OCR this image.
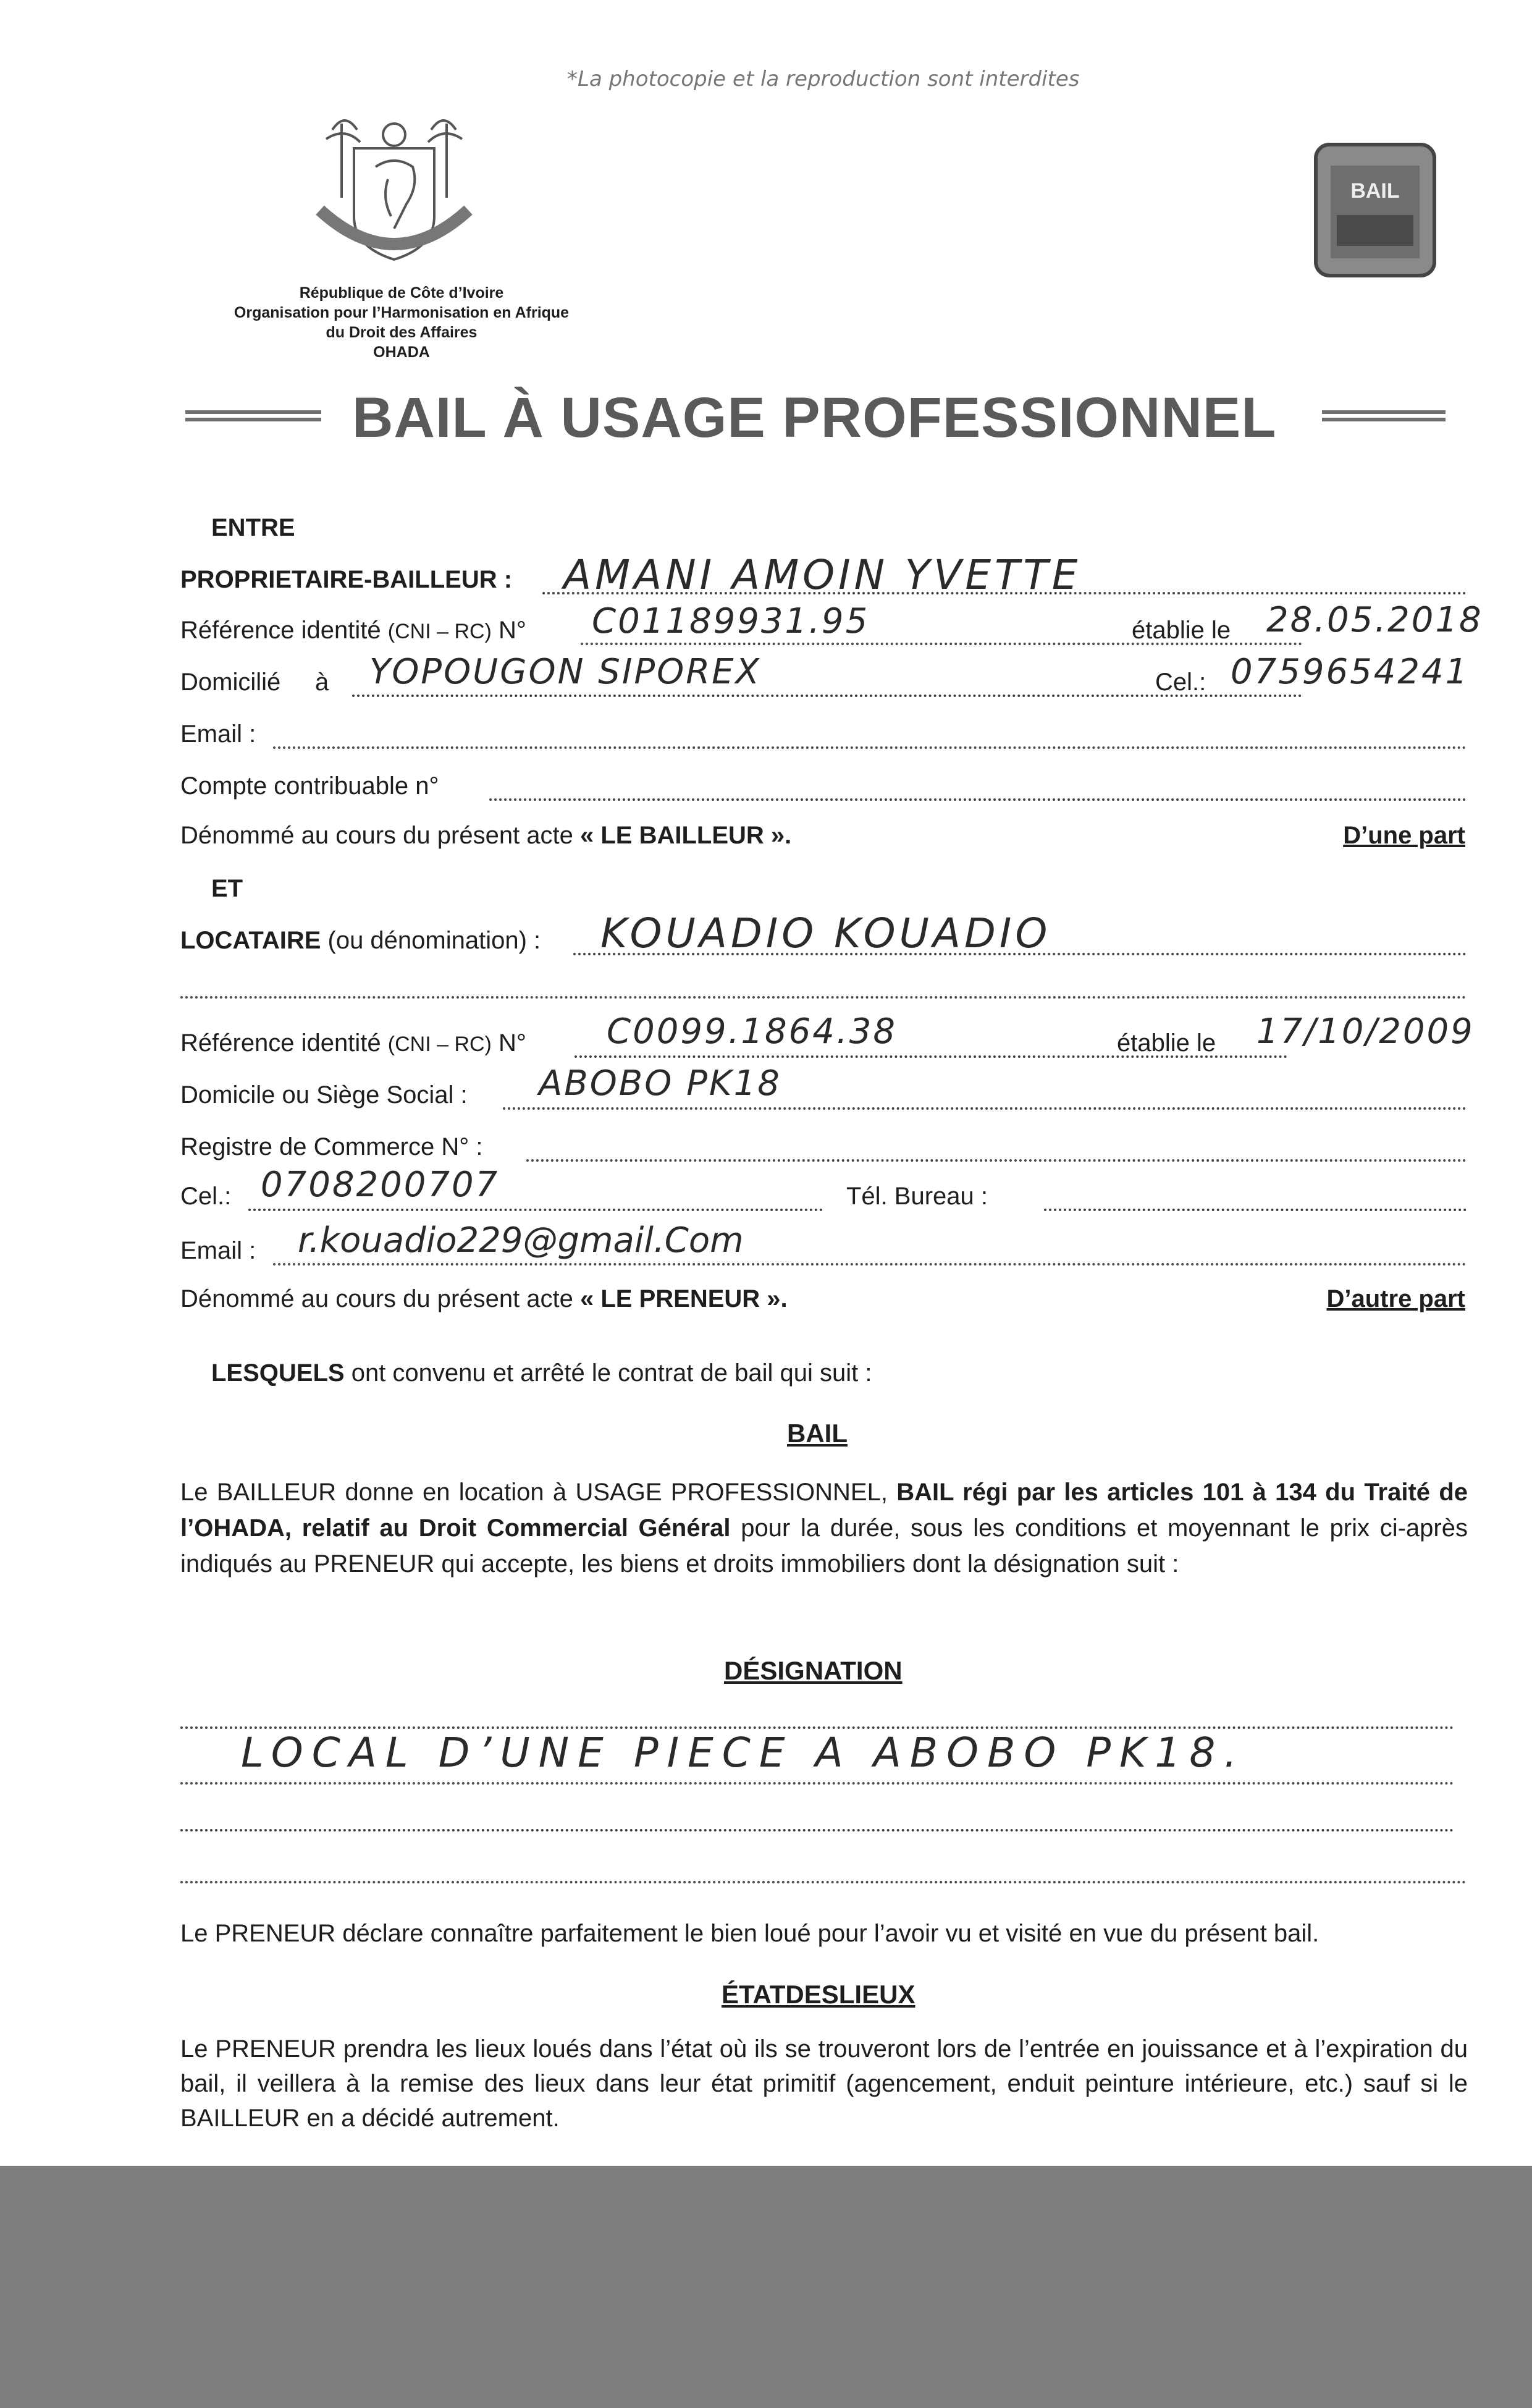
*La photocopie et la reproduction sont interdites
République de Côte d’Ivoire
Organisation pour l’Harmonisation en Afrique
du Droit des Affaires
OHADA
BAIL
BAIL À USAGE PROFESSIONNEL
ENTRE
PROPRIETAIRE-BAILLEUR : AMANI AMOIN YVETTE
Référence identité (CNI – RC) N° C01189931.95	établie le 28.05.2018
Domicilié à YOPOUGON SIPOREX	Cel.: 0759654241
Email :
Compte contribuable n°
Dénommé au cours du présent acte « LE BAILLEUR ».	D’une part
ET
LOCATAIRE (ou dénomination) : KOUADIO KOUADIO
Référence identité (CNI – RC) N° C0099.1864.38	établie le 17/10/2009
Domicile ou Siège Social : ABOBO PK18
Registre de Commerce N° :
Cel.: 0708200707	Tél. Bureau :
Email : r.kouadio229@gmail.Com
Dénommé au cours du présent acte « LE PRENEUR ».	D’autre part
LESQUELS ont convenu et arrêté le contrat de bail qui suit :
BAIL
Le BAILLEUR donne en location à USAGE PROFESSIONNEL, BAIL régi par les articles 101 à 134 du Traité de l’OHADA, relatif au Droit Commercial Général pour la durée, sous les conditions et moyennant le prix ci-après indiqués au PRENEUR qui accepte, les biens et droits immobiliers dont la désignation suit :
DÉSIGNATION
LOCAL D’UNE PIECE A ABOBO PK18.
Le PRENEUR déclare connaître parfaitement le bien loué pour l’avoir vu et visité en vue du présent bail.
ÉTATDESLIEUX
Le PRENEUR prendra les lieux loués dans l’état où ils se trouveront lors de l’entrée en jouissance et à l’expiration du bail, il veillera à la remise des lieux dans leur état primitif (agencement, enduit peinture intérieure, etc.) sauf si le BAILLEUR en a décidé autrement.
